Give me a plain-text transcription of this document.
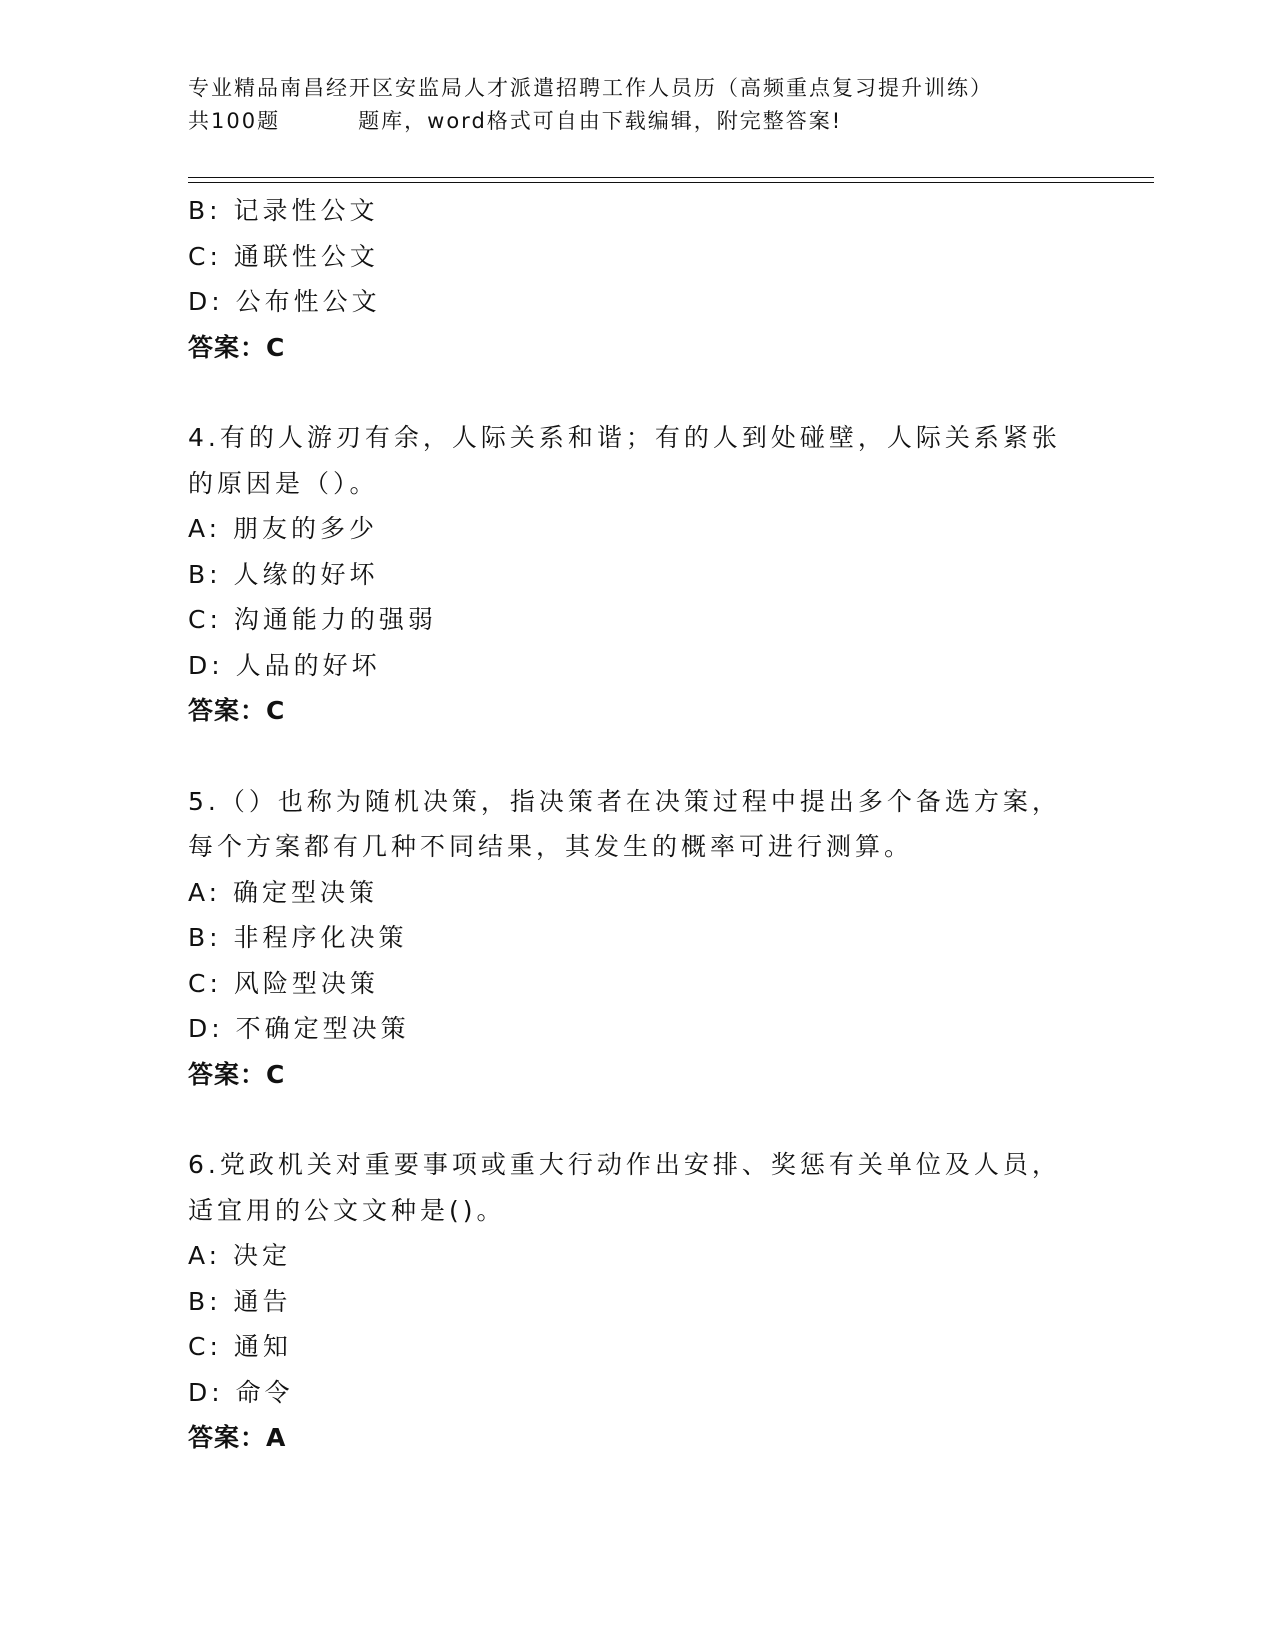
专业精品南昌经开区安监局人才派遣招聘工作人员历（高频重点复习提升训练）
共100题         题库，word格式可自由下载编辑，附完整答案!
B: 记录性公文
C: 通联性公文
D: 公布性公文
答案：C
4.有的人游刃有余，人际关系和谐；有的人到处碰壁，人际关系紧张
的原因是（）。
A: 朋友的多少
B: 人缘的好坏
C: 沟通能力的强弱
D: 人品的好坏
答案：C
5.（）也称为随机决策，指决策者在决策过程中提出多个备选方案，
每个方案都有几种不同结果，其发生的概率可进行测算。
A: 确定型决策
B: 非程序化决策
C: 风险型决策
D: 不确定型决策
答案：C
6.党政机关对重要事项或重大行动作出安排、奖惩有关单位及人员，
适宜用的公文文种是()。
A: 决定
B: 通告
C: 通知
D: 命令
答案：A
